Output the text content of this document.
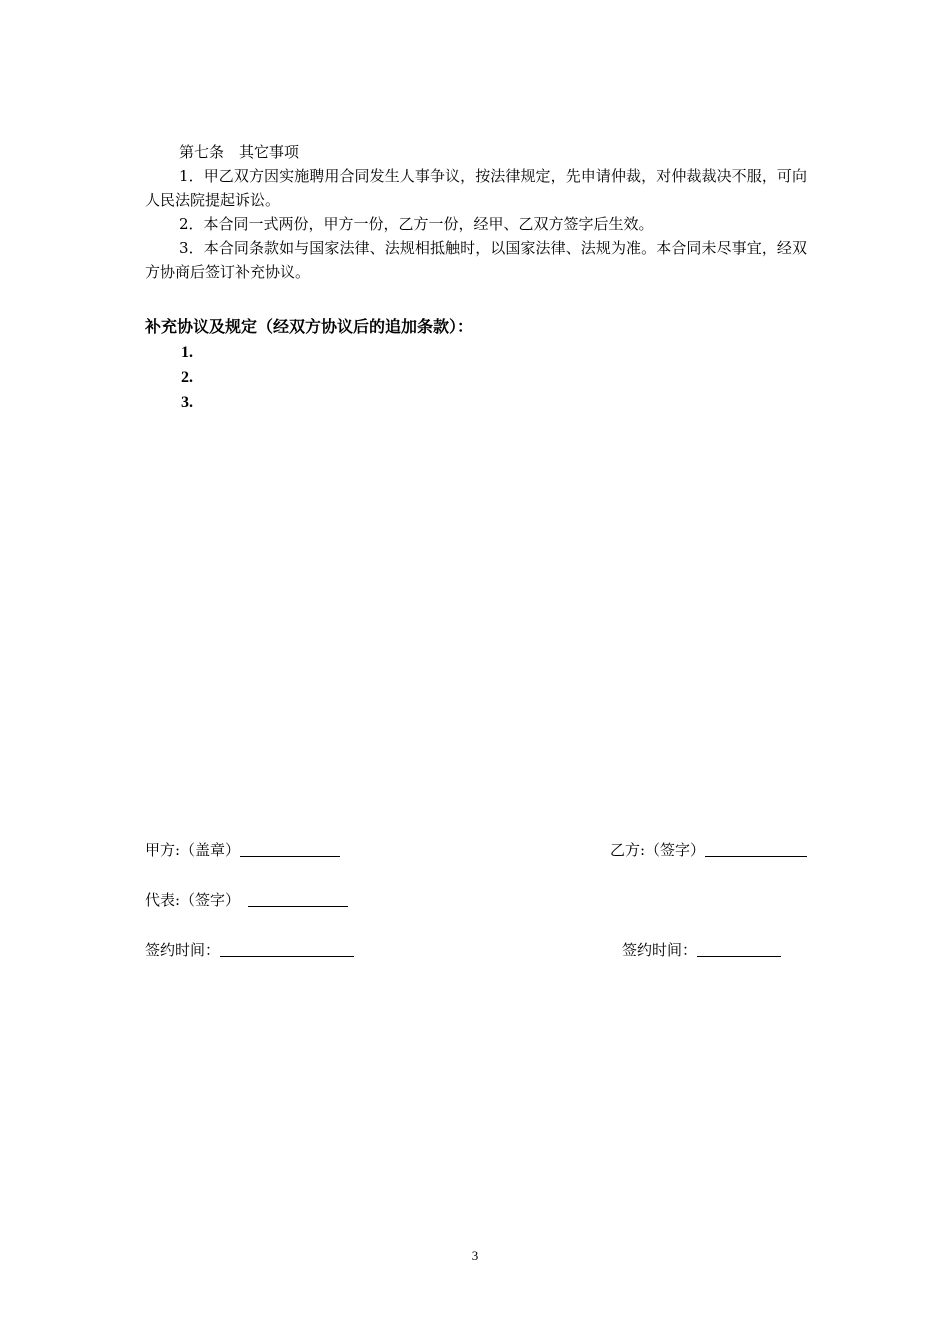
第七条　其它事项

1．甲乙双方因实施聘用合同发生人事争议，按法律规定，先申请仲裁，对仲裁裁决不服，可向人民法院提起诉讼。

2．本合同一式两份，甲方一份，乙方一份，经甲、乙双方签字后生效。

3．本合同条款如与国家法律、法规相抵触时，以国家法律、法规为准。本合同未尽事宜，经双方协商后签订补充协议。

补充协议及规定（经双方协议后的追加条款）：
1.
2.
3.
甲方:（盖章）	乙方:（签字）
代表:（签字）
签约时间：	签约时间：
3
